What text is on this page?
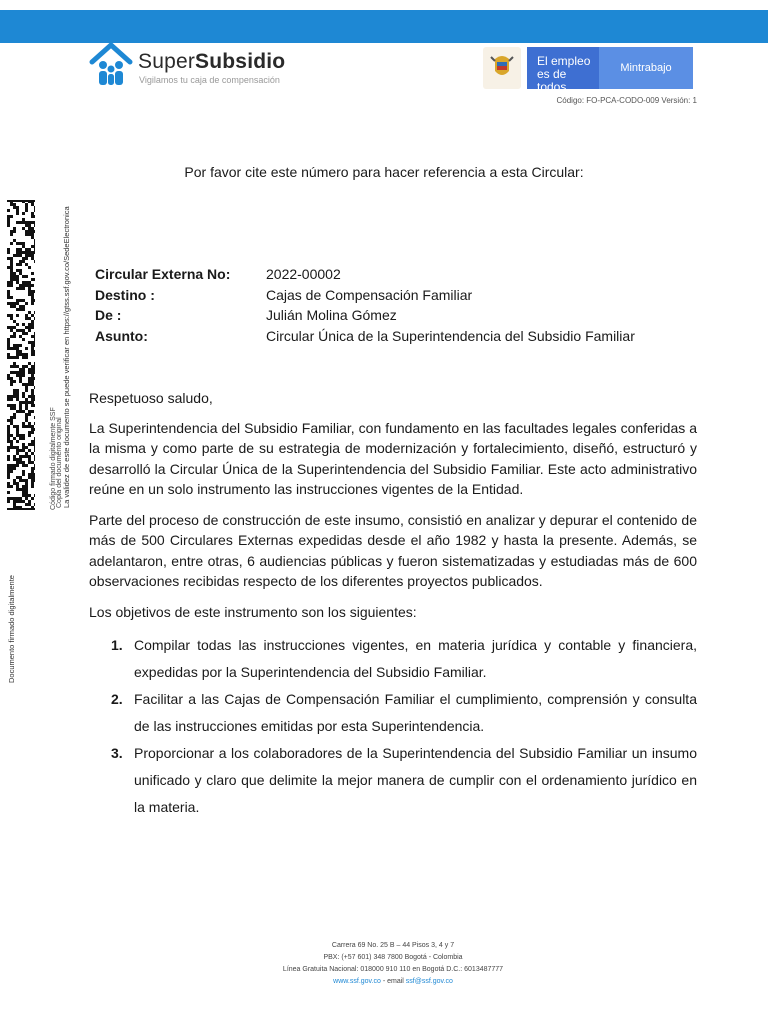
SuperSubsidio
Vigilamos tu caja de compensación
El empleo
es de todos
Mintrabajo
Código: FO-PCA-CODO-009 Versión: 1
Código firmado digitalmente SSF Copia del documento original La validez de este documento se puede verificar en https://gtss.ssf.gov.co/SedeElectronica
Documento firmado digitalmente
Por favor cite este número para hacer referencia a esta Circular:
Circular Externa No:	2022-00002
Destino :	Cajas de Compensación Familiar
De :	Julián Molina Gómez
Asunto:	Circular Única de la Superintendencia del Subsidio Familiar

Respetuoso saludo,

La Superintendencia del Subsidio Familiar, con fundamento en las facultades legales conferidas a la misma y como parte de su estrategia de modernización y fortalecimiento, diseñó, estructuró y desarrolló la Circular Única de la Superintendencia del Subsidio Familiar. Este acto administrativo reúne en un solo instrumento las instrucciones vigentes de la Entidad.

Parte del proceso de construcción de este insumo, consistió en analizar y depurar el contenido de más de 500 Circulares Externas expedidas desde el año 1982 y hasta la presente. Además, se adelantaron, entre otras, 6 audiencias públicas y fueron sistematizadas y estudiadas más de 600 observaciones recibidas respecto de los diferentes proyectos publicados.

Los objetivos de este instrumento son los siguientes:

1. Compilar todas las instrucciones vigentes, en materia jurídica y contable y financiera, expedidas por la Superintendencia del Subsidio Familiar.
2. Facilitar a las Cajas de Compensación Familiar el cumplimiento, comprensión y consulta de las instrucciones emitidas por esta Superintendencia.
3. Proporcionar a los colaboradores de la Superintendencia del Subsidio Familiar un insumo unificado y claro que delimite la mejor manera de cumplir con el ordenamiento jurídico en la materia.
Carrera 69 No. 25 B – 44 Pisos 3, 4 y 7
PBX: (+57 601) 348 7800 Bogotá - Colombia
Línea Gratuita Nacional: 018000 910 110 en Bogotá D.C.: 6013487777
www.ssf.gov.co - email ssf@ssf.gov.co
